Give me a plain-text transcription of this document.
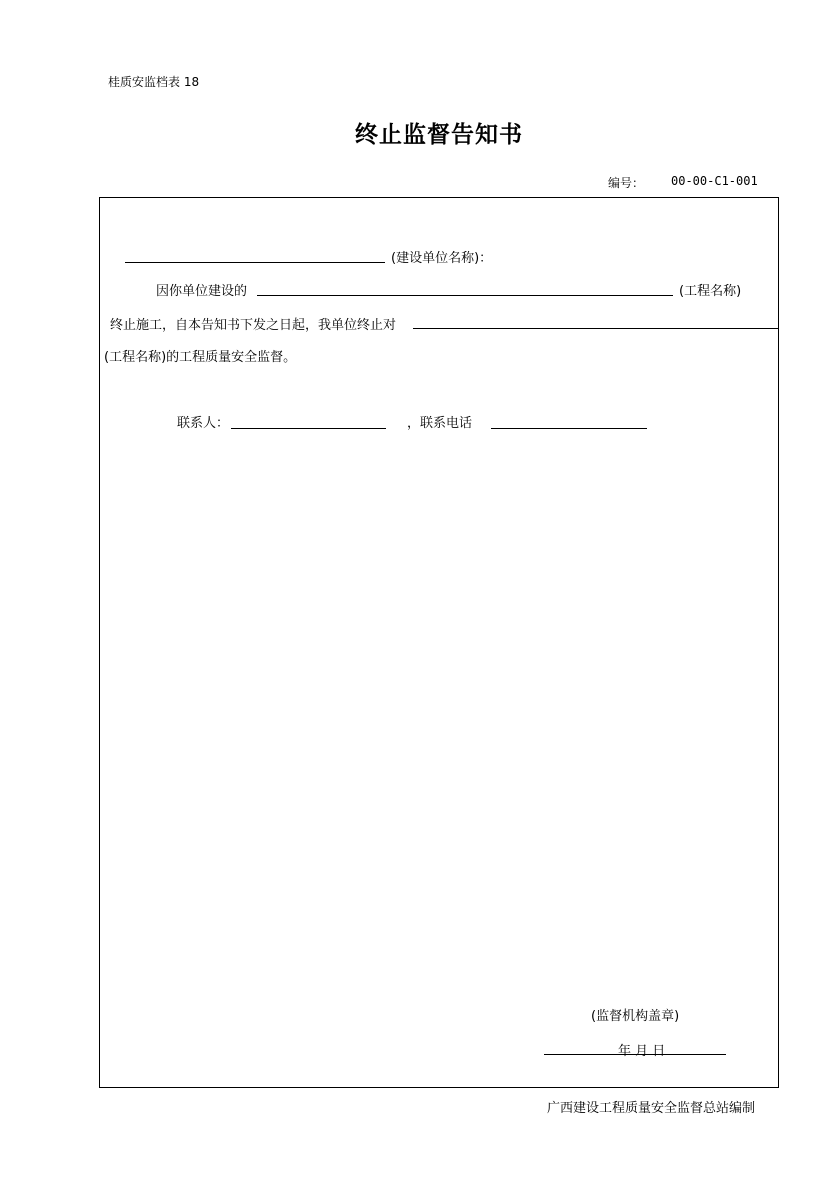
桂质安监档表 18
终止监督告知书
编号： 00-00-C1-001
(建设单位名称)：
因你单位建设的	(工程名称)
终止施工，自本告知书下发之日起，我单位终止对
(工程名称)的工程质量安全监督。
联系人：	，联系电话
(监督机构盖章)
年 月 日
广西建设工程质量安全监督总站编制
